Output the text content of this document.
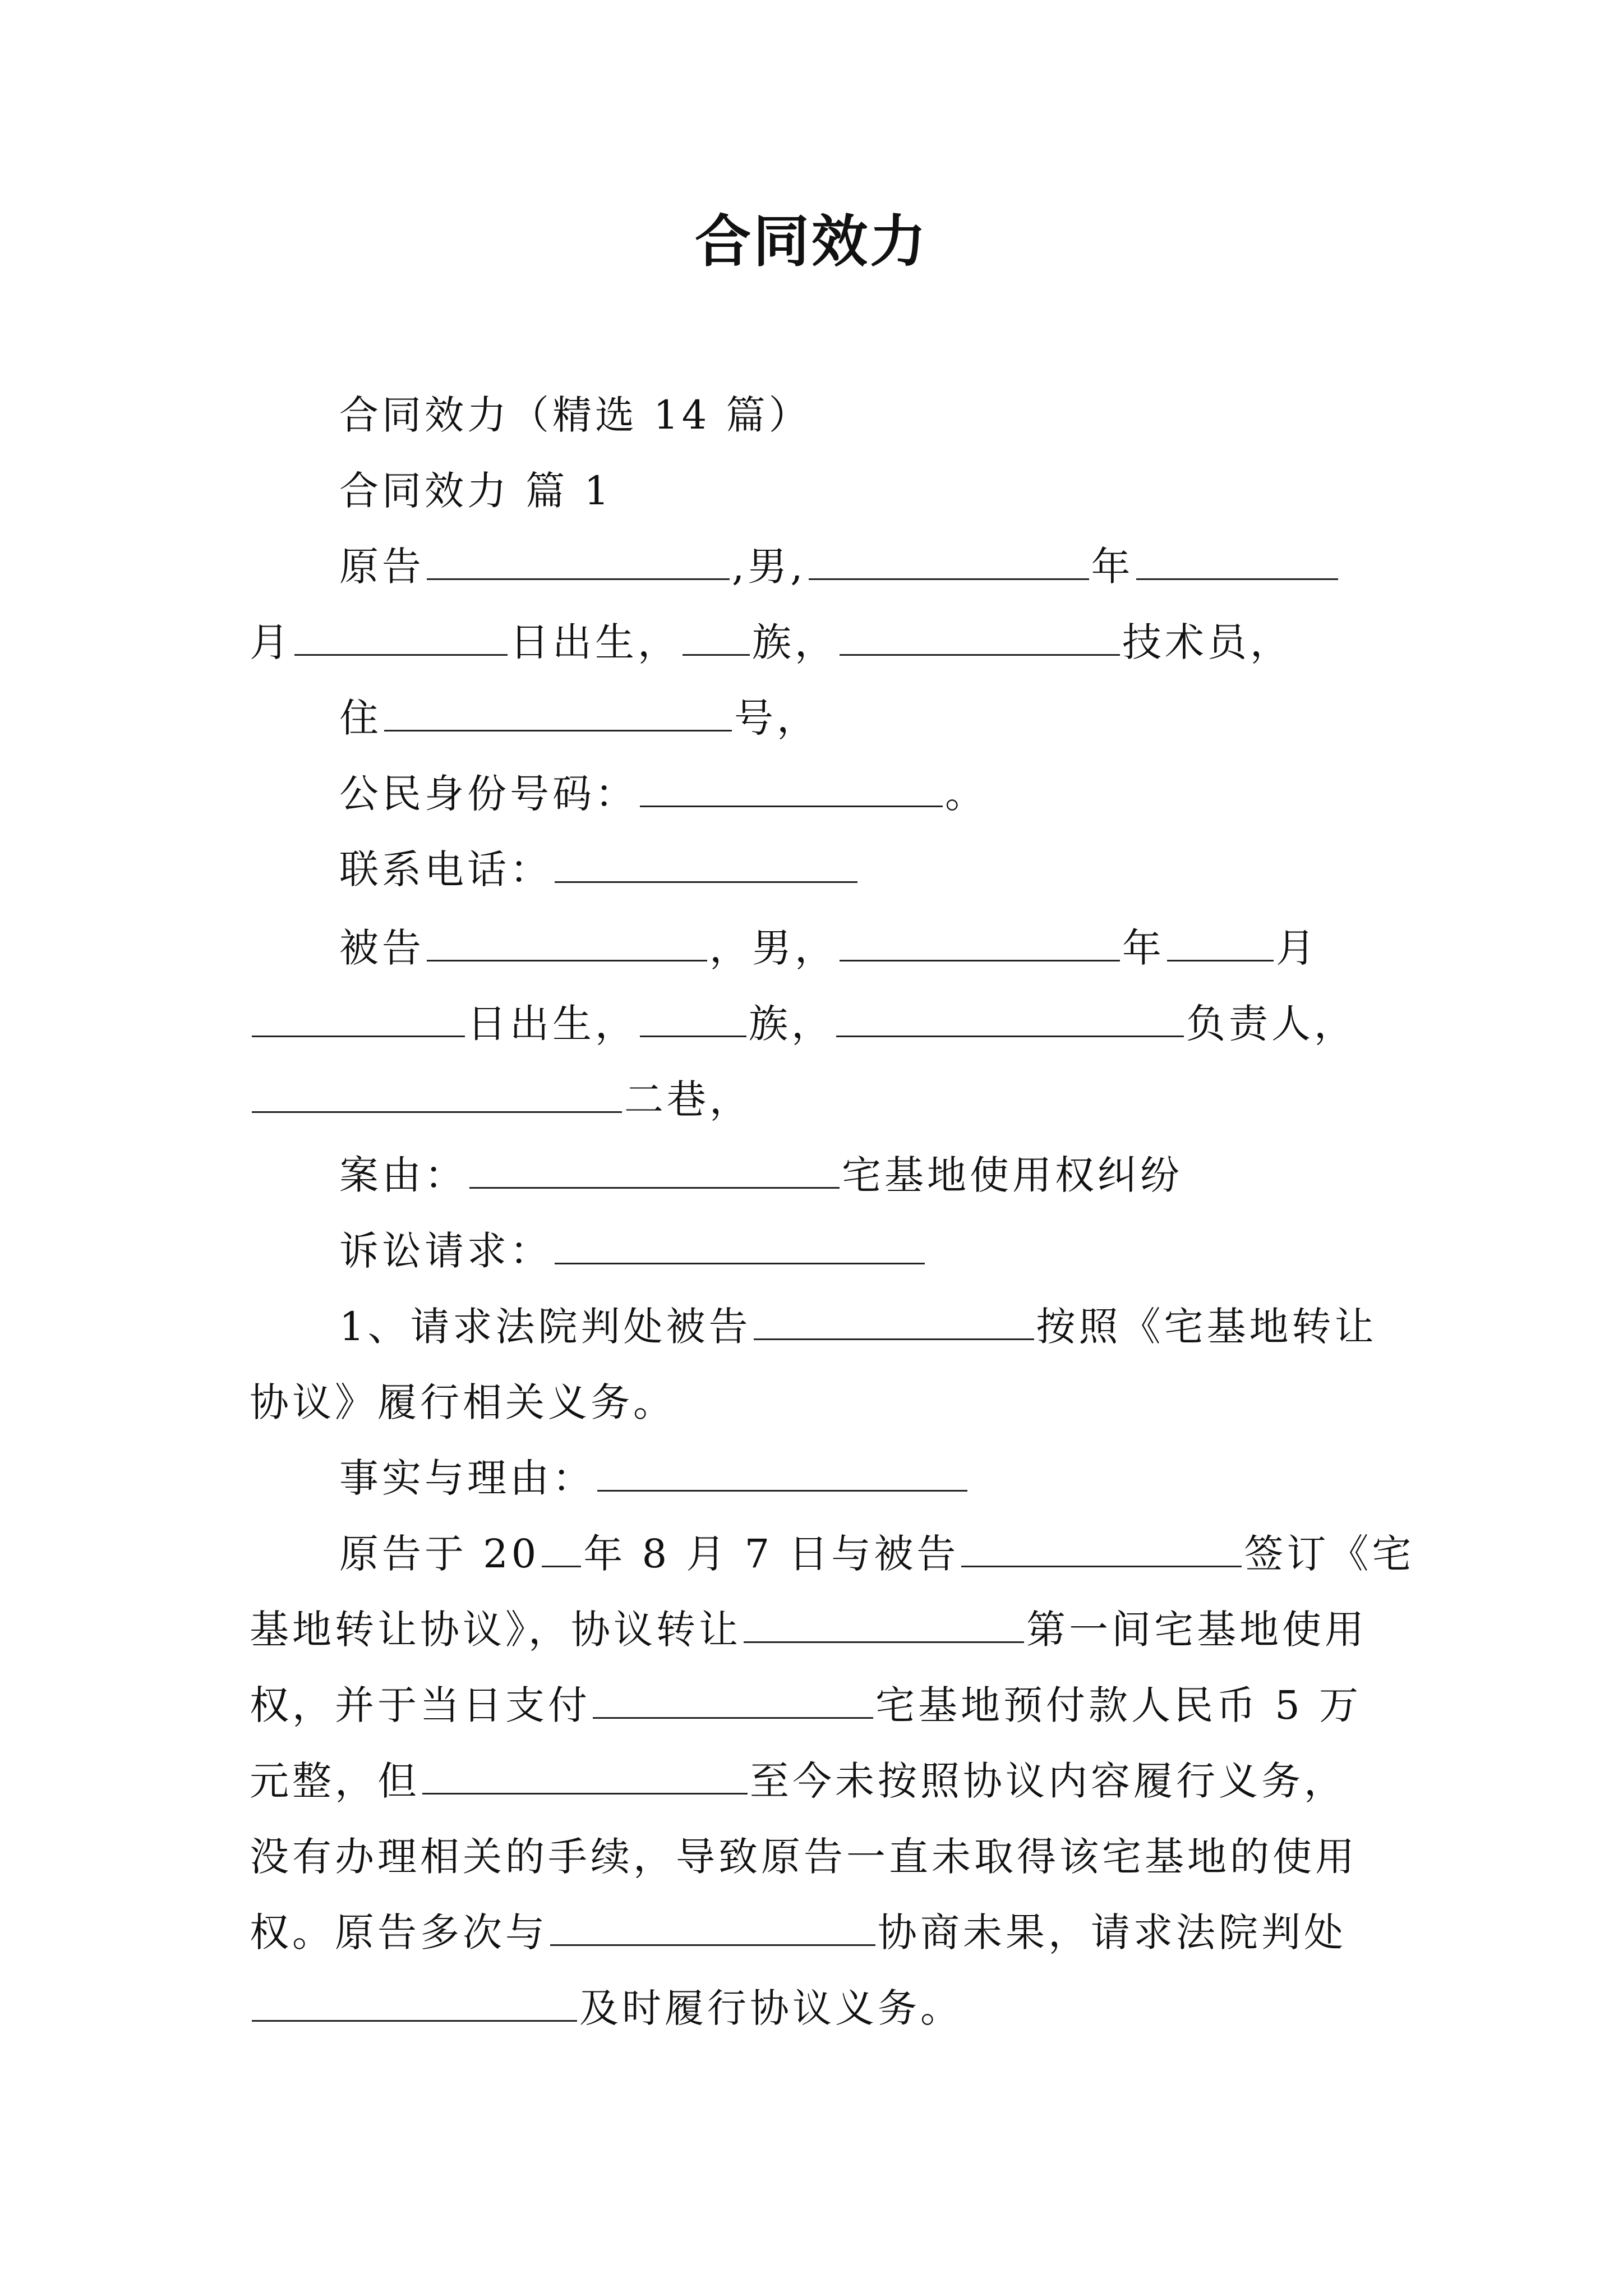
合同效力
合同效力（精选 14 篇）
合同效力 篇 1
原告	,男,	年
月	日出生， 族，	技术员，
住	号，
公民身份号码：	。
联系电话：
被告	，男，	年	月
日出生，	族，	负责人，
二巷，
案由：	宅基地使用权纠纷
诉讼请求：
1、请求法院判处被告	按照《宅基地转让
协议》履行相关义务。
事实与理由：
原告于 20 年 8 月 7 日与被告	签订《宅
基地转让协议》，协议转让	第一间宅基地使用
权，并于当日支付	宅基地预付款人民币 5 万
元整，但	至今未按照协议内容履行义务，
没有办理相关的手续，导致原告一直未取得该宅基地的使用
权。原告多次与	协商未果，请求法院判处
及时履行协议义务。
